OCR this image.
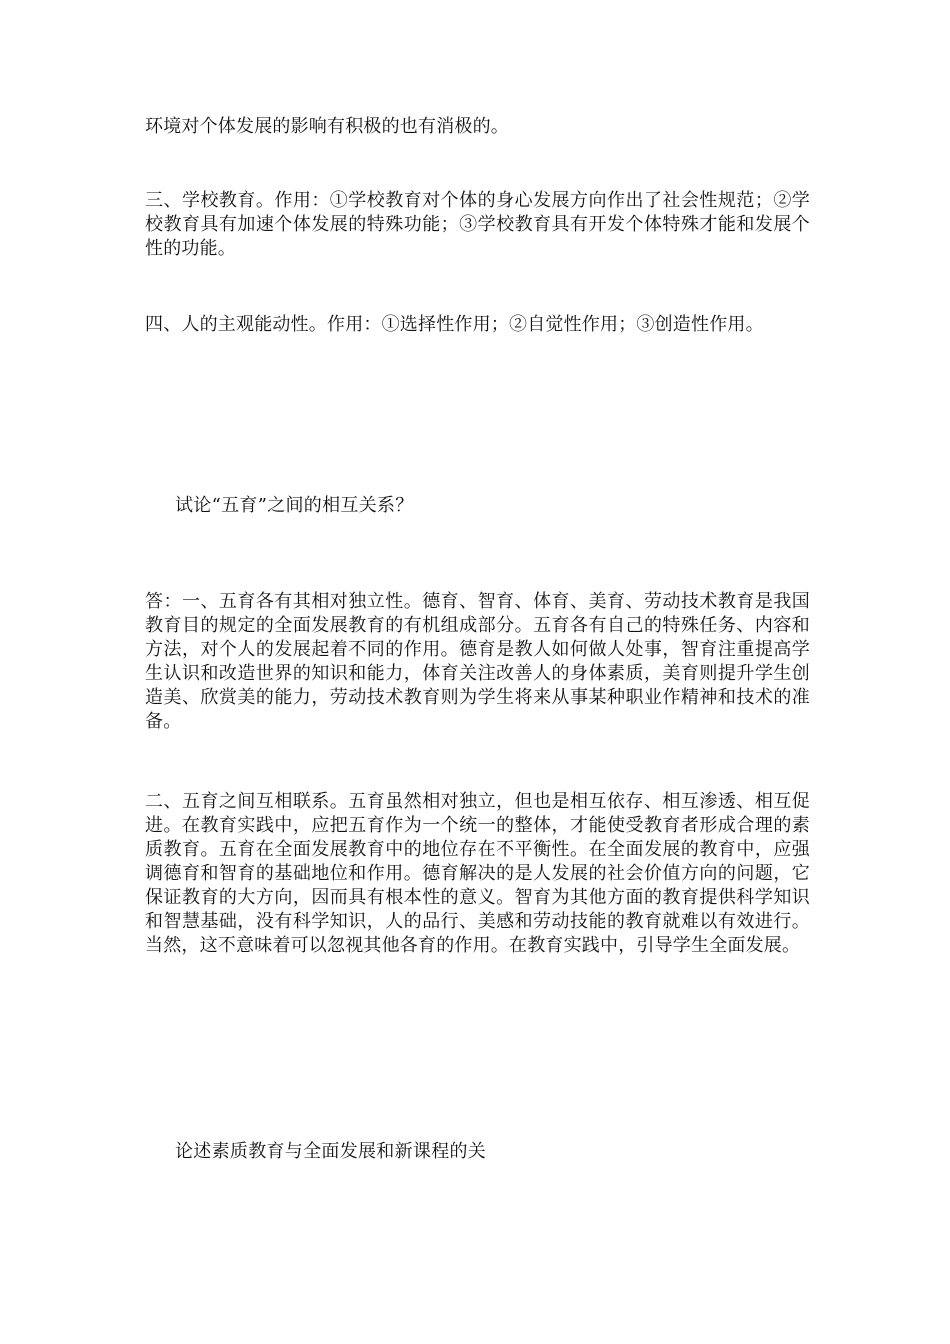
环境对个体发展的影响有积极的也有消极的。

三、学校教育。作用：①学校教育对个体的身心发展方向作出了社会性规范；②学校教育具有加速个体发展的特殊功能；③学校教育具有开发个体特殊才能和发展个性的功能。

四、人的主观能动性。作用：①选择性作用；②自觉性作用；③创造性作用。

试论“五育”之间的相互关系？

答：一、五育各有其相对独立性。德育、智育、体育、美育、劳动技术教育是我国教育目的规定的全面发展教育的有机组成部分。五育各有自己的特殊任务、内容和方法，对个人的发展起着不同的作用。德育是教人如何做人处事，智育注重提高学生认识和改造世界的知识和能力，体育关注改善人的身体素质，美育则提升学生创造美、欣赏美的能力，劳动技术教育则为学生将来从事某种职业作精神和技术的准备。

二、五育之间互相联系。五育虽然相对独立，但也是相互依存、相互渗透、相互促进。在教育实践中，应把五育作为一个统一的整体，才能使受教育者形成合理的素质教育。五育在全面发展教育中的地位存在不平衡性。在全面发展的教育中，应强调德育和智育的基础地位和作用。德育解决的是人发展的社会价值方向的问题，它保证教育的大方向，因而具有根本性的意义。智育为其他方面的教育提供科学知识和智慧基础，没有科学知识，人的品行、美感和劳动技能的教育就难以有效进行。当然，这不意味着可以忽视其他各育的作用。在教育实践中，引导学生全面发展。

论述素质教育与全面发展和新课程的关
